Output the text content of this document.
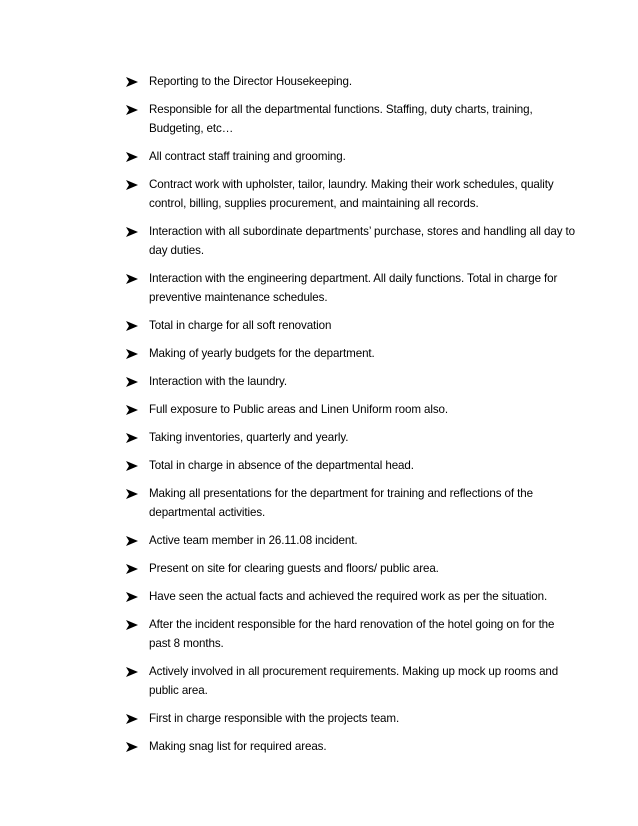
Reporting to the Director Housekeeping.
Responsible for all the departmental functions. Staffing, duty charts, training, Budgeting, etc…
All contract staff training and grooming.
Contract work with upholster, tailor, laundry. Making their work schedules, quality control, billing, supplies procurement, and maintaining all records.
Interaction with all subordinate departments’ purchase, stores and handling all day to day duties.
Interaction with the engineering department. All daily functions. Total in charge for preventive maintenance schedules.
Total in charge for all soft renovation
Making of yearly budgets for the department.
Interaction with the laundry.
Full exposure to Public areas and Linen Uniform room also.
Taking inventories, quarterly and yearly.
Total in charge in absence of the departmental head.
Making all presentations for the department for training and reflections of the departmental activities.
Active team member in 26.11.08 incident.
Present on site for clearing guests and floors/ public area.
Have seen the actual facts and achieved the required work as per the situation.
After the incident responsible for the hard renovation of the hotel going on for the past 8 months.
Actively involved in all procurement requirements. Making up mock up rooms and public area.
First in charge responsible with the projects team.
Making snag list for required areas.
